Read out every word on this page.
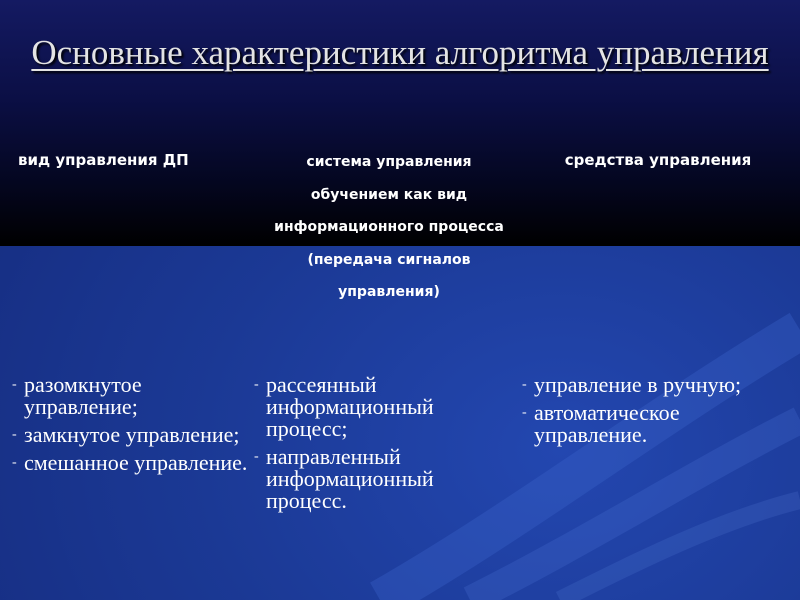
Основные характеристики алгоритма управления
вид управления ДП	система управления обучением как вид информационного процесса (передача сигналов управления)
средства управления
- разомкнутое управление;
- замкнутое управление;
- смешанное управление.
- рассеянный информационный процесс;
- направленный информационный процесс.
- управление в ручную;
- автоматическое управление.
